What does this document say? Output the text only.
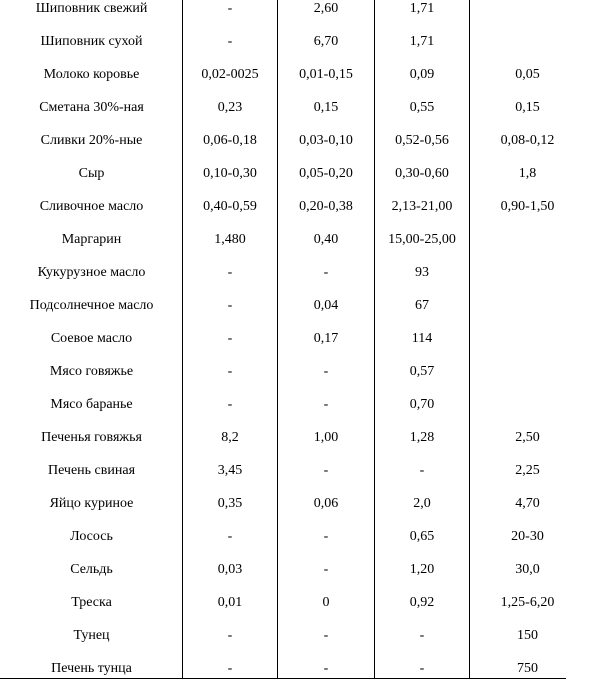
Шиповник свежий	-	2,60	1,71
Шиповник сухой	-	6,70	1,71
Молоко коровье	0,02-0025	0,01-0,15	0,09	0,05
Сметана 30%-ная	0,23	0,15	0,55	0,15
Сливки 20%-ные	0,06-0,18	0,03-0,10	0,52-0,56	0,08-0,12
Сыр	0,10-0,30	0,05-0,20	0,30-0,60	1,8
Сливочное масло	0,40-0,59	0,20-0,38	2,13-21,00	0,90-1,50
Маргарин	1,480	0,40	15,00-25,00
Кукурузное масло	-	-	93
Подсолнечное масло	-	0,04	67
Соевое масло	-	0,17	114
Мясо говяжье	-	-	0,57
Мясо баранье	-	-	0,70
Печенья говяжья	8,2	1,00	1,28	2,50
Печень свиная	3,45	-	-	2,25
Яйцо куриное	0,35	0,06	2,0	4,70
Лосось	-	-	0,65	20-30
Сельдь	0,03	-	1,20	30,0
Треска	0,01	0	0,92	1,25-6,20
Тунец	-	-	-	150
Печень тунца	-	-	-	750
